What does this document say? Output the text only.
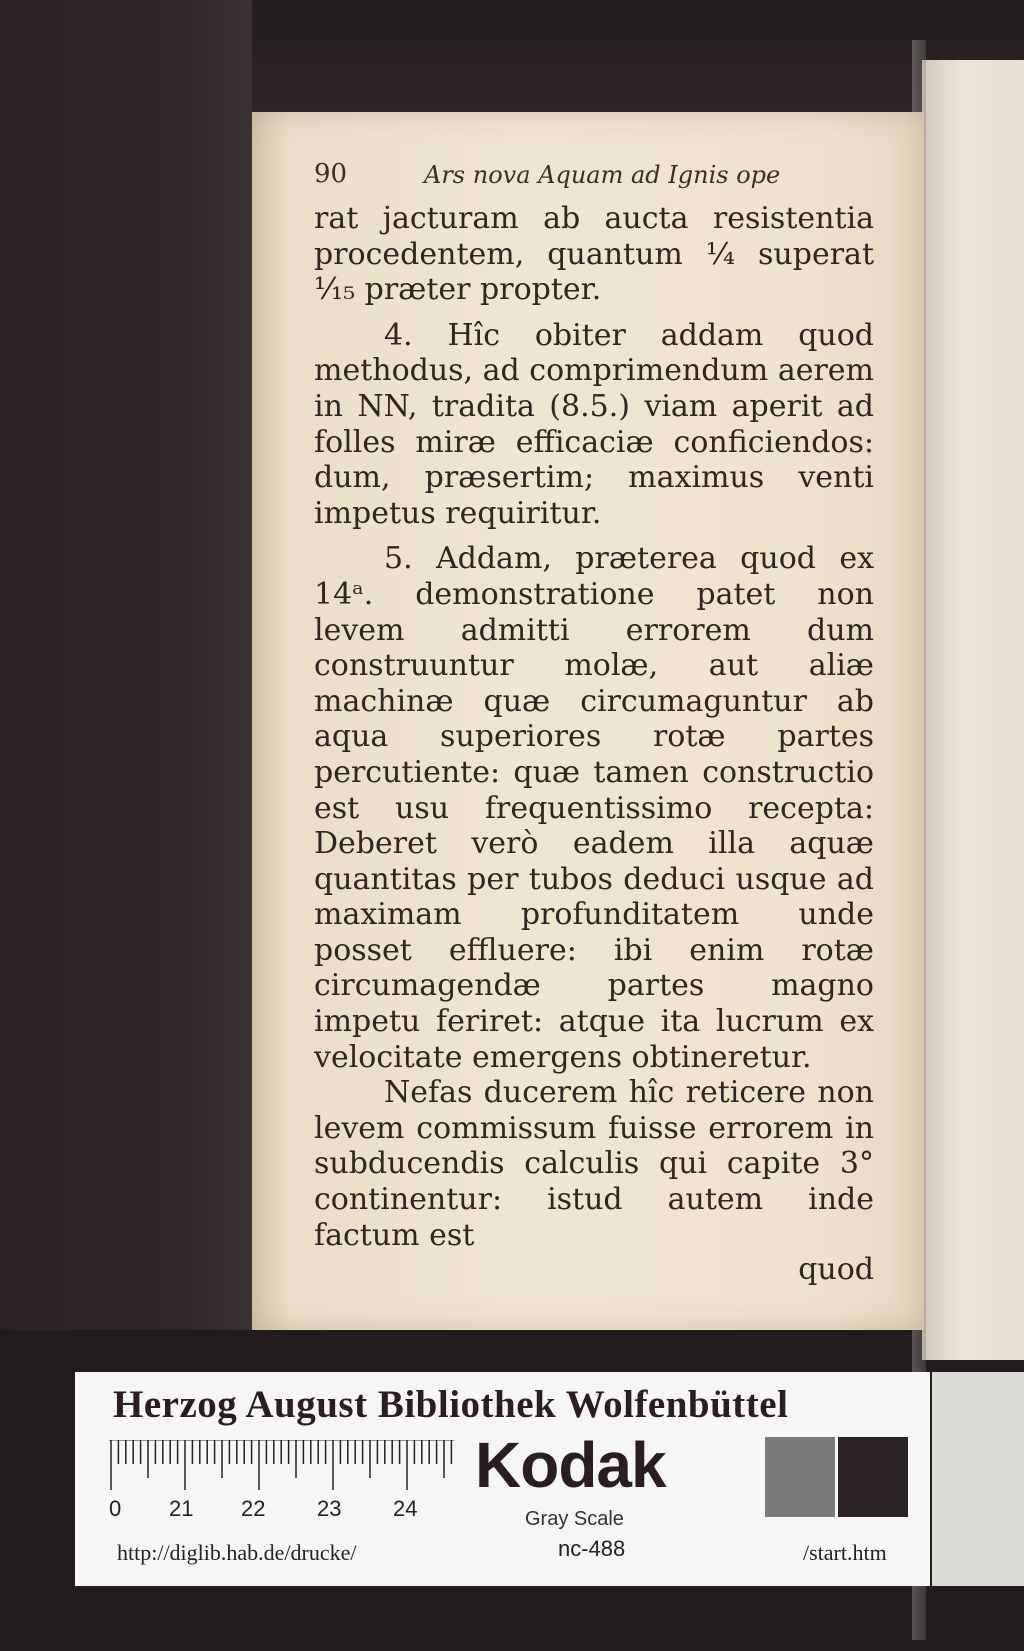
90	Ars nova Aquam ad Ignis ope

rat jacturam ab aucta resistentia procedentem, quantum ¼ superat ¹⁄₁₅ præter propter.

4. Hîc obiter addam quod methodus, ad comprimendum aerem in NN, tradita (8.5.) viam aperit ad folles miræ efficaciæ conficiendos: dum, præsertim; maximus venti impetus requiritur.

5. Addam, præterea quod ex 14ᵃ. demonstratione patet non levem admitti errorem dum construuntur molæ, aut aliæ machinæ quæ circumaguntur ab aqua superiores rotæ partes percutiente: quæ tamen constructio est usu frequentissimo recepta: Deberet verò eadem illa aquæ quantitas per tubos deduci usque ad maximam profunditatem unde posset effluere: ibi enim rotæ circumagendæ partes magno impetu feriret: atque ita lucrum ex velocitate emergens obtineretur.

Nefas ducerem hîc reticere non levem commissum fuisse errorem in subducendis calculis qui capite 3° continentur: istud autem inde factum est

quod
Herzog August Bibliothek Wolfenbüttel
0 21 22 23 24
Kodak
Gray Scale
http://diglib.hab.de/drucke/	nc-488	/start.htm
